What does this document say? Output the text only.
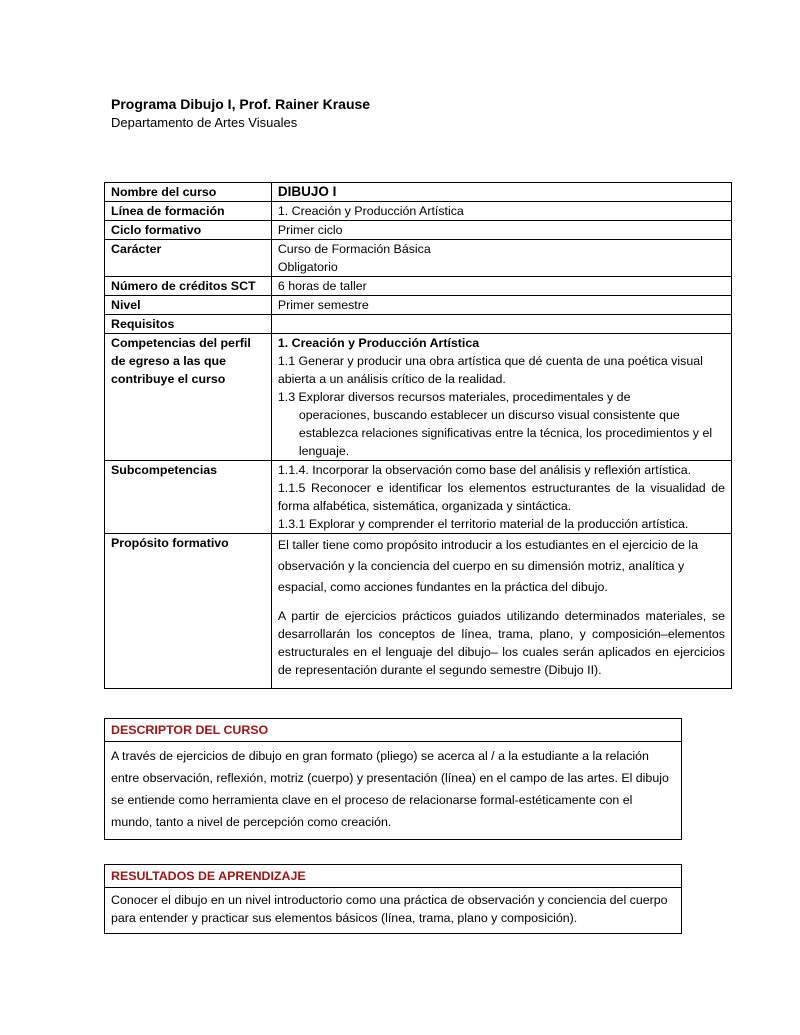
Programa Dibujo I, Prof. Rainer Krause
Departamento de Artes Visuales
Nombre del curso	DIBUJO I
Línea de formación	1. Creación y Producción Artística
Ciclo formativo	Primer ciclo
Carácter	Curso de Formación Básica
Obligatorio

Número de créditos SCT	6 horas de taller
Nivel	Primer semestre
Requisitos	
Competencias del perfil de egreso a las que contribuye el curso	1. Creación y Producción Artística
1.1 Generar y producir una obra artística que dé cuenta de una poética visual abierta a un análisis crítico de la realidad.
1.3 Explorar diversos recursos materiales, procedimentales y de
operaciones, buscando establecer un discurso visual consistente que establezca relaciones significativas entre la técnica, los procedimientos y el lenguaje.

Subcompetencias	1.1.4. Incorporar la observación como base del análisis y reflexión artística.
1.1.5 Reconocer e identificar los elementos estructurantes de la visualidad de forma alfabética, sistemática, organizada y sintáctica.
1.3.1 Explorar y comprender el territorio material de la producción artística.

Propósito formativo	El taller tiene como propósito introducir a los estudiantes en el ejercicio de la observación y la conciencia del cuerpo en su dimensión motriz, analítica y espacial, como acciones fundantes en la práctica del dibujo.

A partir de ejercicios prácticos guiados utilizando determinados materiales, se desarrollarán los conceptos de línea, trama, plano, y composición–elementos estructurales en el lenguaje del dibujo– los cuales serán aplicados en ejercicios de representación durante el segundo semestre (Dibujo II).

DESCRIPTOR DEL CURSO
A través de ejercicios de dibujo en gran formato (pliego) se acerca al / a la estudiante a la relación entre observación, reflexión, motriz (cuerpo) y presentación (línea) en el campo de las artes. El dibujo se entiende como herramienta clave en el proceso de relacionarse formal-estéticamente con el mundo, tanto a nivel de percepción como creación.
RESULTADOS DE APRENDIZAJE
Conocer el dibujo en un nivel introductorio como una práctica de observación y conciencia del cuerpo para entender y practicar sus elementos básicos (línea, trama, plano y composición).
